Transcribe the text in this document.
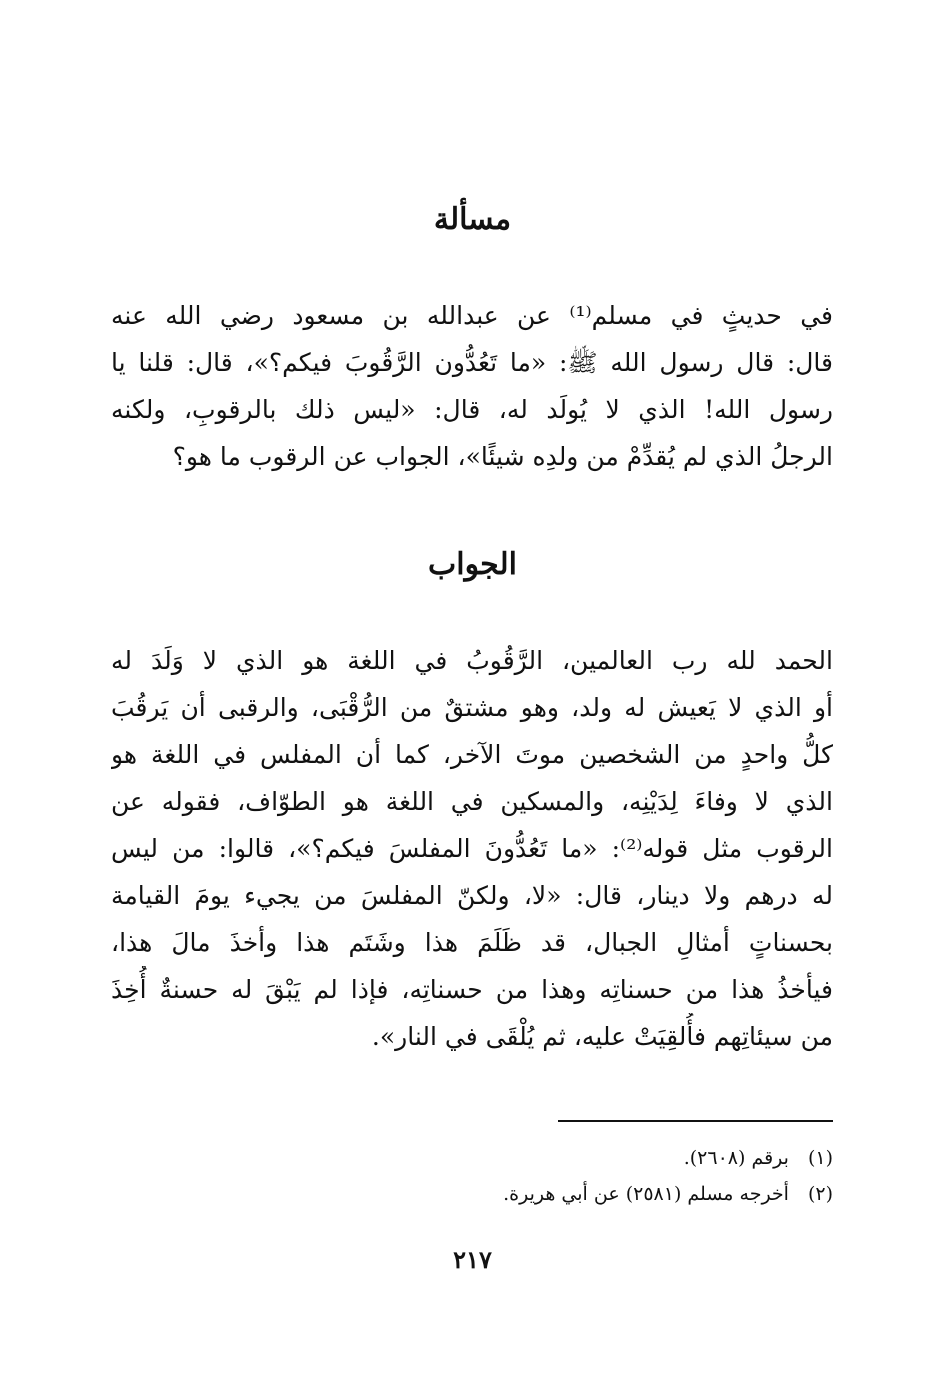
مسألة
في حديثٍ في مسلم⁽¹⁾ عن عبدالله بن مسعود رضي الله عنه
قال: قال رسول الله ﷺ: «ما تَعُدُّون الرَّقُوبَ فيكم؟»، قال: قلنا يا
رسول الله! الذي لا يُولَد له، قال: «ليس ذلك بالرقوبِ، ولكنه
الرجلُ الذي لم يُقدِّمْ من ولدِه شيئًا»، الجواب عن الرقوب ما هو؟
الجواب
الحمد لله رب العالمين، الرَّقُوبُ في اللغة هو الذي لا وَلَدَ له
أو الذي لا يَعيش له ولد، وهو مشتقٌ من الرُّقْبَى، والرقبى أن يَرقُبَ
كلُّ واحدٍ من الشخصين موتَ الآخر، كما أن المفلس في اللغة هو
الذي لا وفاءَ لِدَيْنِه، والمسكين في اللغة هو الطوّاف، فقوله عن
الرقوب مثل قوله⁽²⁾: «ما تَعُدُّونَ المفلسَ فيكم؟»، قالوا: من ليس
له درهم ولا دينار، قال: «لا، ولكنّ المفلسَ من يجيء يومَ القيامة
بحسناتٍ أمثالِ الجبال، قد ظَلَمَ هذا وشَتَم هذا وأخذَ مالَ هذا،
فيأخذُ هذا من حسناتِه وهذا من حسناتِه، فإذا لم يَبْقَ له حسنةٌ أُخِذَ
من سيئاتِهم فأُلقِيَتْ عليه، ثم يُلْقَى في النار».
(١) برقم (٢٦٠٨).
(٢) أخرجه مسلم (٢٥٨١) عن أبي هريرة.
٢١٧
